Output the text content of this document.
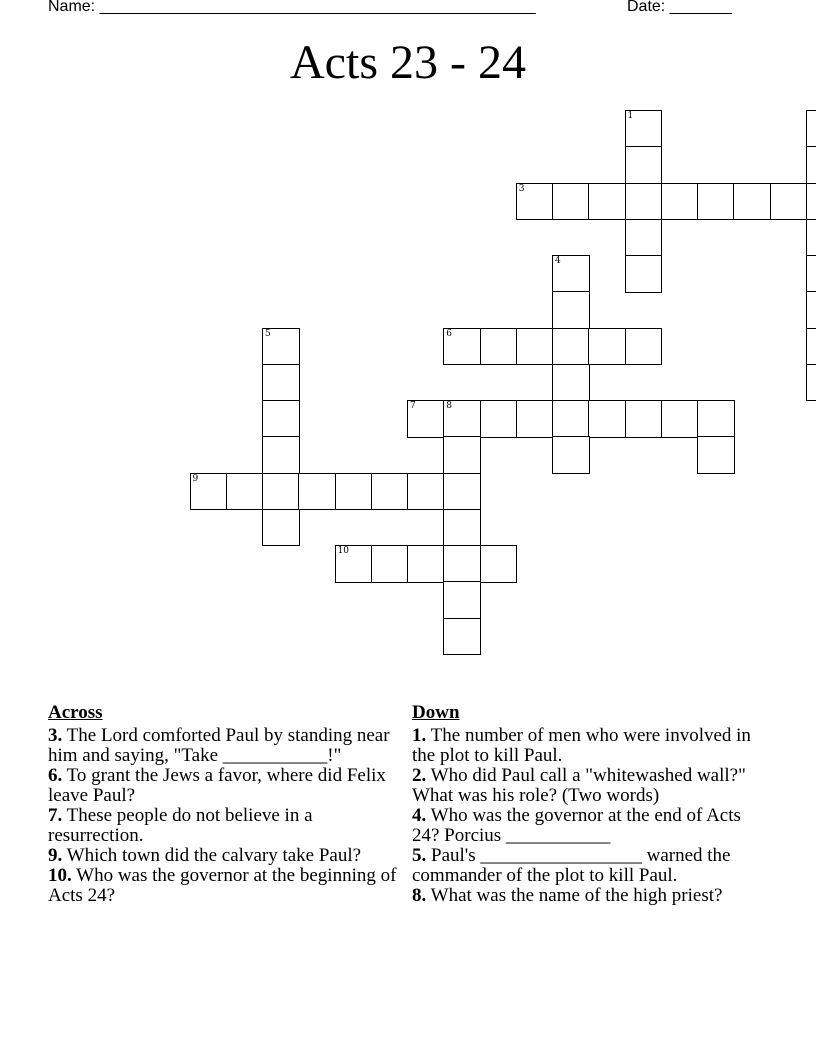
Name: _________________________________________________	Date: _______
Acts 23 - 24
1
3
4
5	6
7	8
9
10
Across

3. The Lord comforted Paul by standing near him and saying, "Take ___________!"

6. To grant the Jews a favor, where did Felix leave Paul?

7. These people do not believe in a resurrection.

9. Which town did the calvary take Paul?

10. Who was the governor at the beginning of Acts 24?

Down

1. The number of men who were involved in the plot to kill Paul.

2. Who did Paul call a "whitewashed wall?" What was his role? (Two words)

4. Who was the governor at the end of Acts 24? Porcius ___________

5. Paul's _________________ warned the commander of the plot to kill Paul.

8. What was the name of the high priest?
